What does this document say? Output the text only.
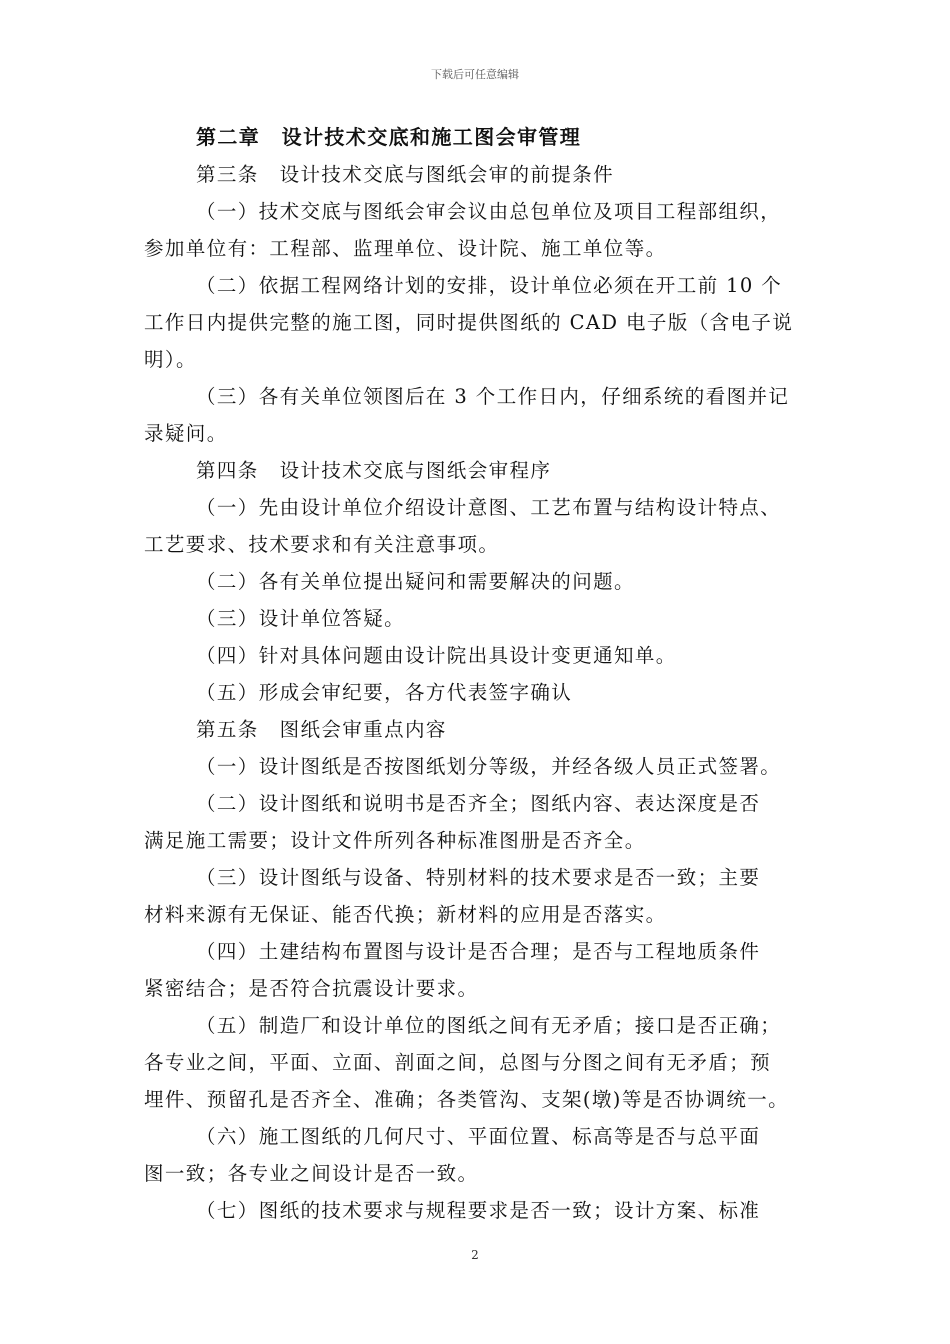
下载后可任意编辑
第二章　设计技术交底和施工图会审管理
第三条　设计技术交底与图纸会审的前提条件
（一）技术交底与图纸会审会议由总包单位及项目工程部组织，
参加单位有：工程部、监理单位、设计院、施工单位等。
（二）依据工程网络计划的安排，设计单位必须在开工前 10 个
工作日内提供完整的施工图，同时提供图纸的 CAD 电子版（含电子说
明）。
（三）各有关单位领图后在 3 个工作日内，仔细系统的看图并记
录疑问。
第四条　设计技术交底与图纸会审程序
（一）先由设计单位介绍设计意图、工艺布置与结构设计特点、
工艺要求、技术要求和有关注意事项。
（二）各有关单位提出疑问和需要解决的问题。
（三）设计单位答疑。
（四）针对具体问题由设计院出具设计变更通知单。
（五）形成会审纪要，各方代表签字确认
第五条　图纸会审重点内容
（一）设计图纸是否按图纸划分等级，并经各级人员正式签署。
（二）设计图纸和说明书是否齐全；图纸内容、表达深度是否
满足施工需要；设计文件所列各种标准图册是否齐全。
（三）设计图纸与设备、特别材料的技术要求是否一致；主要
材料来源有无保证、能否代换；新材料的应用是否落实。
（四）土建结构布置图与设计是否合理；是否与工程地质条件
紧密结合；是否符合抗震设计要求。
（五）制造厂和设计单位的图纸之间有无矛盾；接口是否正确；
各专业之间，平面、立面、剖面之间，总图与分图之间有无矛盾；预
埋件、预留孔是否齐全、准确；各类管沟、支架(墩)等是否协调统一。
（六）施工图纸的几何尺寸、平面位置、标高等是否与总平面
图一致；各专业之间设计是否一致。
（七）图纸的技术要求与规程要求是否一致；设计方案、标准
2
